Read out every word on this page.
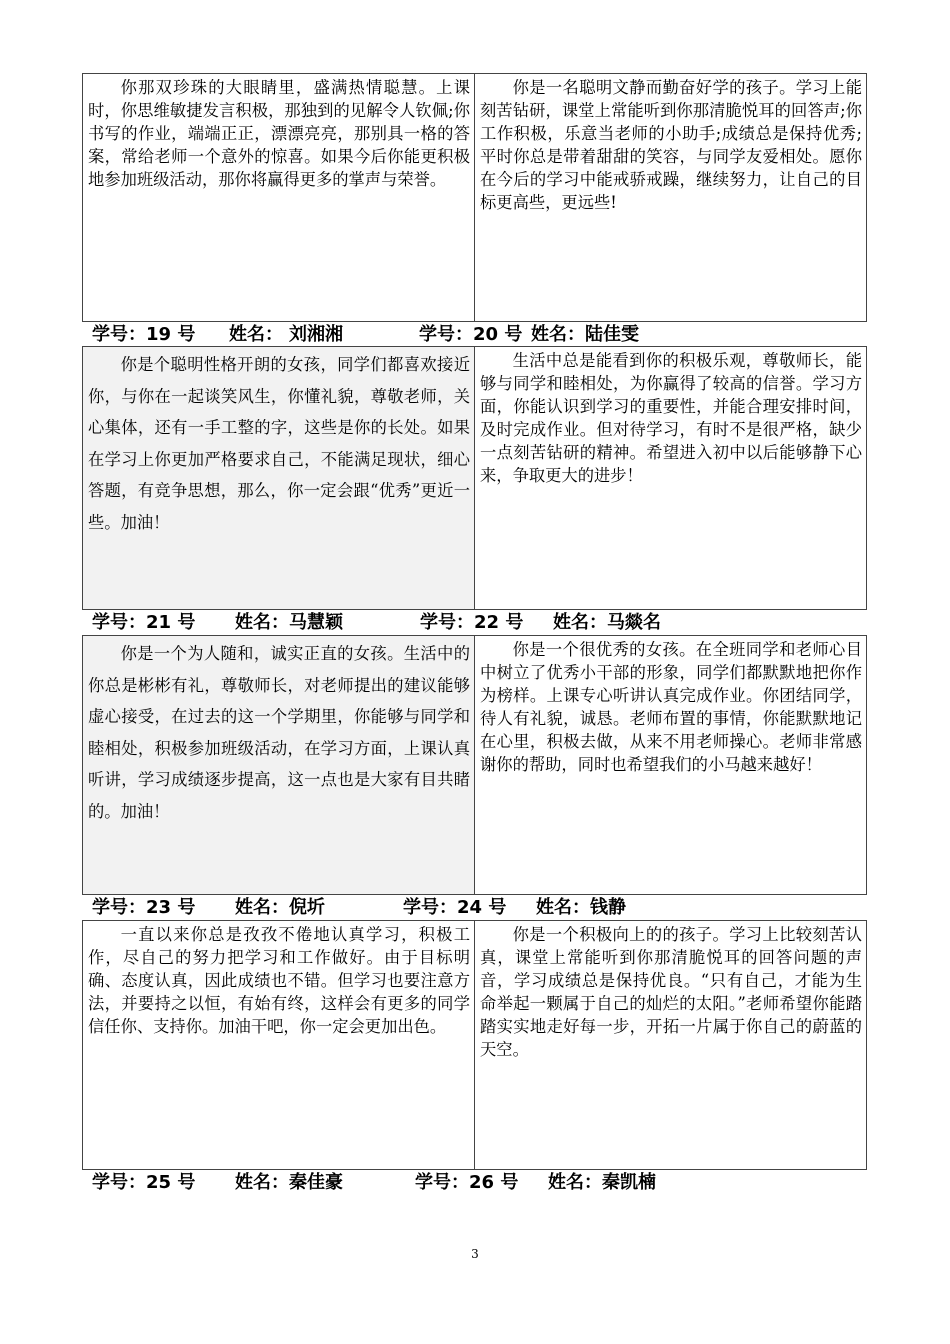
你那双珍珠的大眼睛里，盛满热情聪慧。上课时，你思维敏捷发言积极，那独到的见解令人钦佩;你书写的作业，端端正正，漂漂亮亮，那别具一格的答案，常给老师一个意外的惊喜。如果今后你能更积极地参加班级活动，那你将赢得更多的掌声与荣誉。

你是一名聪明文静而勤奋好学的孩子。学习上能刻苦钻研，课堂上常能听到你那清脆悦耳的回答声;你工作积极，乐意当老师的小助手;成绩总是保持优秀;平时你总是带着甜甜的笑容，与同学友爱相处。愿你在今后的学习中能戒骄戒躁，继续努力，让自己的目标更高些，更远些!
学号：19 号 姓名： 刘湘湘	学号：20 号 姓名：陆佳雯
你是个聪明性格开朗的女孩，同学们都喜欢接近你，与你在一起谈笑风生，你懂礼貌，尊敬老师，关心集体，还有一手工整的字，这些是你的长处。如果在学习上你更加严格要求自己，不能满足现状，细心答题，有竞争思想，那么，你一定会跟“优秀”更近一些。加油！

生活中总是能看到你的积极乐观，尊敬师长，能够与同学和睦相处，为你赢得了较高的信誉。学习方面，你能认识到学习的重要性，并能合理安排时间，及时完成作业。但对待学习，有时不是很严格，缺少一点刻苦钻研的精神。希望进入初中以后能够静下心来，争取更大的进步！
学号：21 号 姓名：马慧颖	学号：22 号 姓名：马燚名
你是一个为人随和，诚实正直的女孩。生活中的你总是彬彬有礼，尊敬师长，对老师提出的建议能够虚心接受，在过去的这一个学期里，你能够与同学和睦相处，积极参加班级活动，在学习方面，上课认真听讲，学习成绩逐步提高，这一点也是大家有目共睹的。加油！

你是一个很优秀的女孩。在全班同学和老师心目中树立了优秀小干部的形象，同学们都默默地把你作为榜样。上课专心听讲认真完成作业。你团结同学，待人有礼貌，诚恳。老师布置的事情，你能默默地记在心里，积极去做，从来不用老师操心。老师非常感谢你的帮助，同时也希望我们的小马越来越好！
学号：23 号 姓名：倪圻	学号：24 号 姓名：钱静
一直以来你总是孜孜不倦地认真学习，积极工作，尽自己的努力把学习和工作做好。由于目标明确、态度认真，因此成绩也不错。但学习也要注意方法，并要持之以恒，有始有终，这样会有更多的同学信任你、支持你。加油干吧，你一定会更加出色。

你是一个积极向上的的孩子。学习上比较刻苦认真，课堂上常能听到你那清脆悦耳的回答问题的声音，学习成绩总是保持优良。“只有自己，才能为生命举起一颗属于自己的灿烂的太阳。”老师希望你能踏踏实实地走好每一步，开拓一片属于你自己的蔚蓝的天空。
学号：25 号 姓名：秦佳豪	学号：26 号 姓名：秦凯楠
3
